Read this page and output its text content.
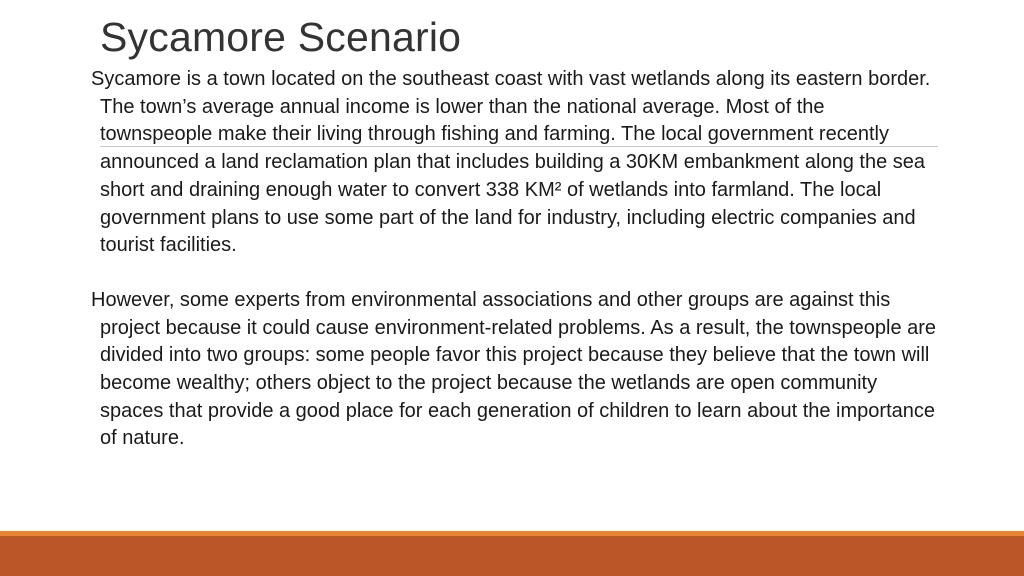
Sycamore Scenario

Sycamore is a town located on the southeast coast with vast wetlands along its eastern border. The town’s average annual income is lower than the national average. Most of the townspeople make their living through fishing and farming. The local government recently announced a land reclamation plan that includes building a 30KM embankment along the sea short and draining enough water to convert 338 KM² of wetlands into farmland. The local government plans to use some part of the land for industry, including electric companies and tourist facilities.

However, some experts from environmental associations and other groups are against this project because it could cause environment-related problems. As a result, the townspeople are divided into two groups: some people favor this project because they believe that the town will become wealthy; others object to the project because the wetlands are open community spaces that provide a good place for each generation of children to learn about the importance of nature.
